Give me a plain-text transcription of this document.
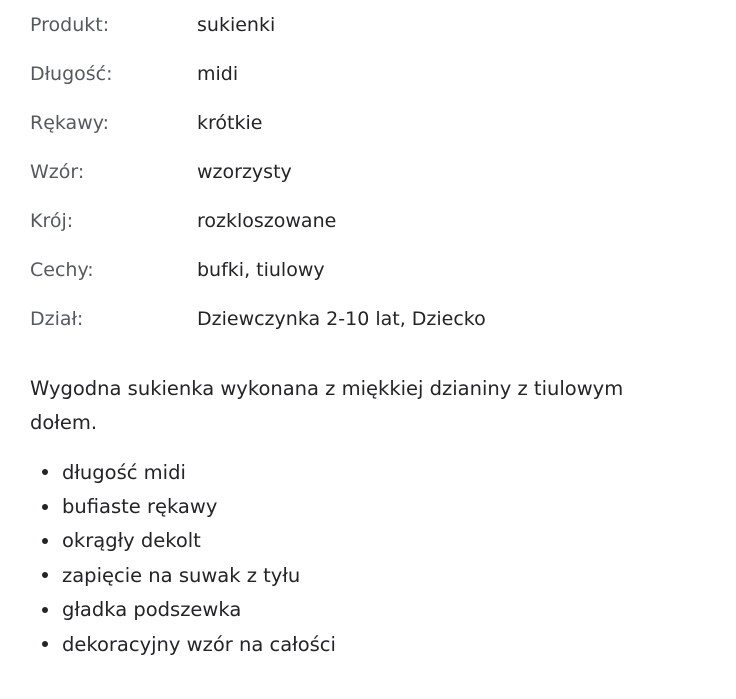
Produkt:	sukienki
Długość:	midi
Rękawy:	krótkie
Wzór:	wzorzysty
Krój:	rozkloszowane
Cechy:	bufki, tiulowy
Dział:	Dziewczynka 2-10 lat, Dziecko

Wygodna sukienka wykonana z miękkiej dzianiny z tiulowym dołem.

długość midi
bufiaste rękawy
okrągły dekolt
zapięcie na suwak z tyłu
gładka podszewka
dekoracyjny wzór na całości
